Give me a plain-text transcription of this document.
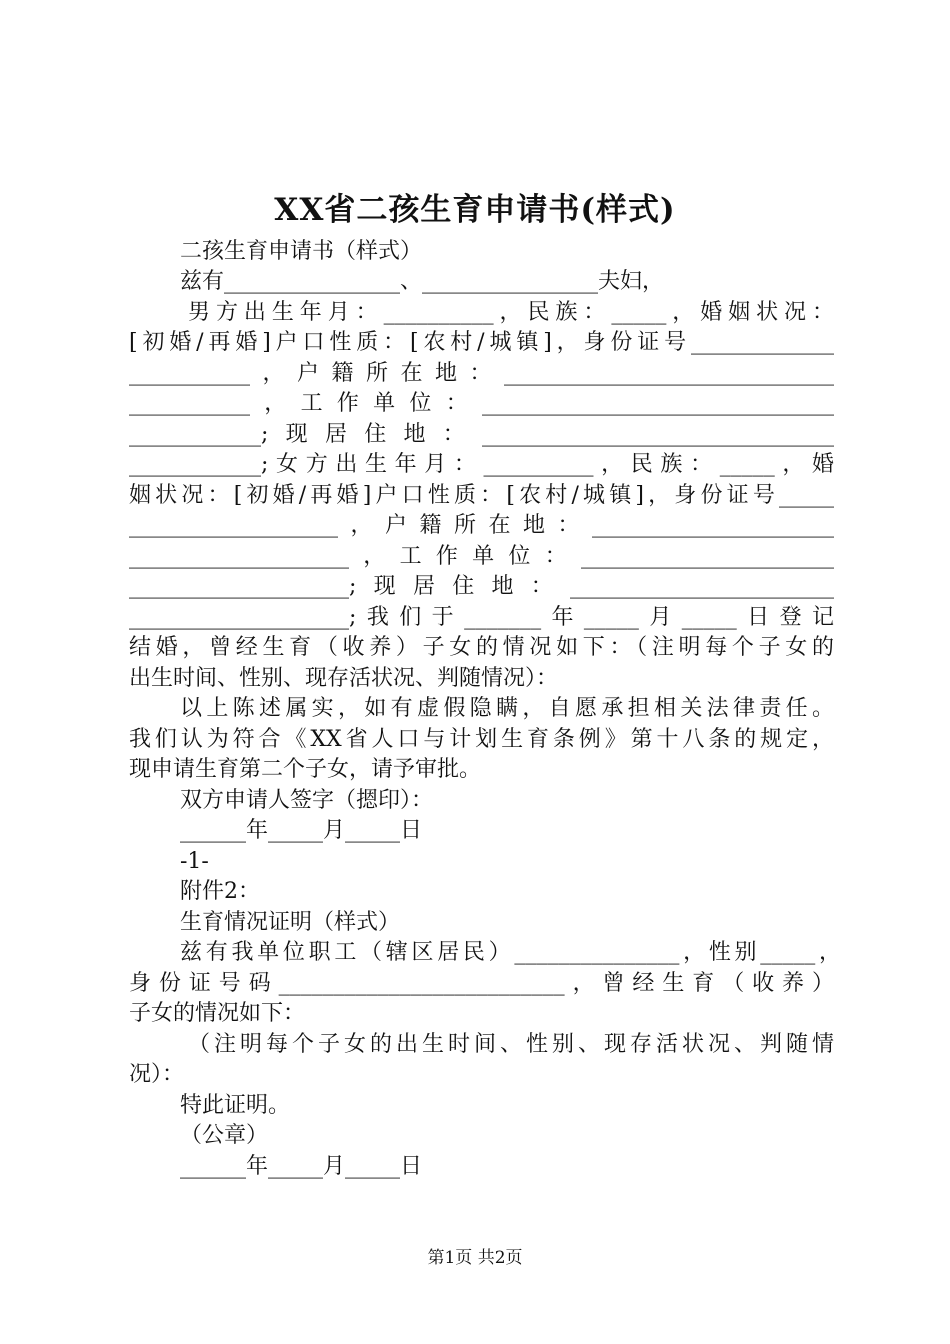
XX省二孩生育申请书(样式)
二孩生育申请书（样式）
兹有________________、________________夫妇，
男方出生年月：__________，民族：_____，婚姻状况：
[初婚/再婚]户口性质：[农村/城镇]，身份证号_____________
___________，户籍所在地：______________________________
___________，工作单位：________________________________
____________;现居住地：________________________________
____________;女方出生年月：__________，民族：_____，婚
姻状况：[初婚/再婚]户口性质：[农村/城镇]，身份证号_____
___________________，户籍所在地：______________________
____________________，工作单位：_______________________
____________________;现居住地：________________________
____________________;我们于_______年_____月_____日登记
结婚，曾经生育（收养）子女的情况如下：（注明每个子女的
出生时间、性别、现存活状况、判随情况）：
以上陈述属实，如有虚假隐瞒，自愿承担相关法律责任。
我们认为符合《XX省人口与计划生育条例》第十八条的规定，
现申请生育第二个子女，请予审批。
双方申请人签字（摁印）：
______年_____月_____日
-1-
附件2：
生育情况证明（样式）
兹有我单位职工（辖区居民）_______________，性别_____，
身份证号码__________________________，曾经生育（收养）
子女的情况如下：
（注明每个子女的出生时间、性别、现存活状况、判随情
况）：
特此证明。
（公章）
______年_____月_____日
第1页 共2页
